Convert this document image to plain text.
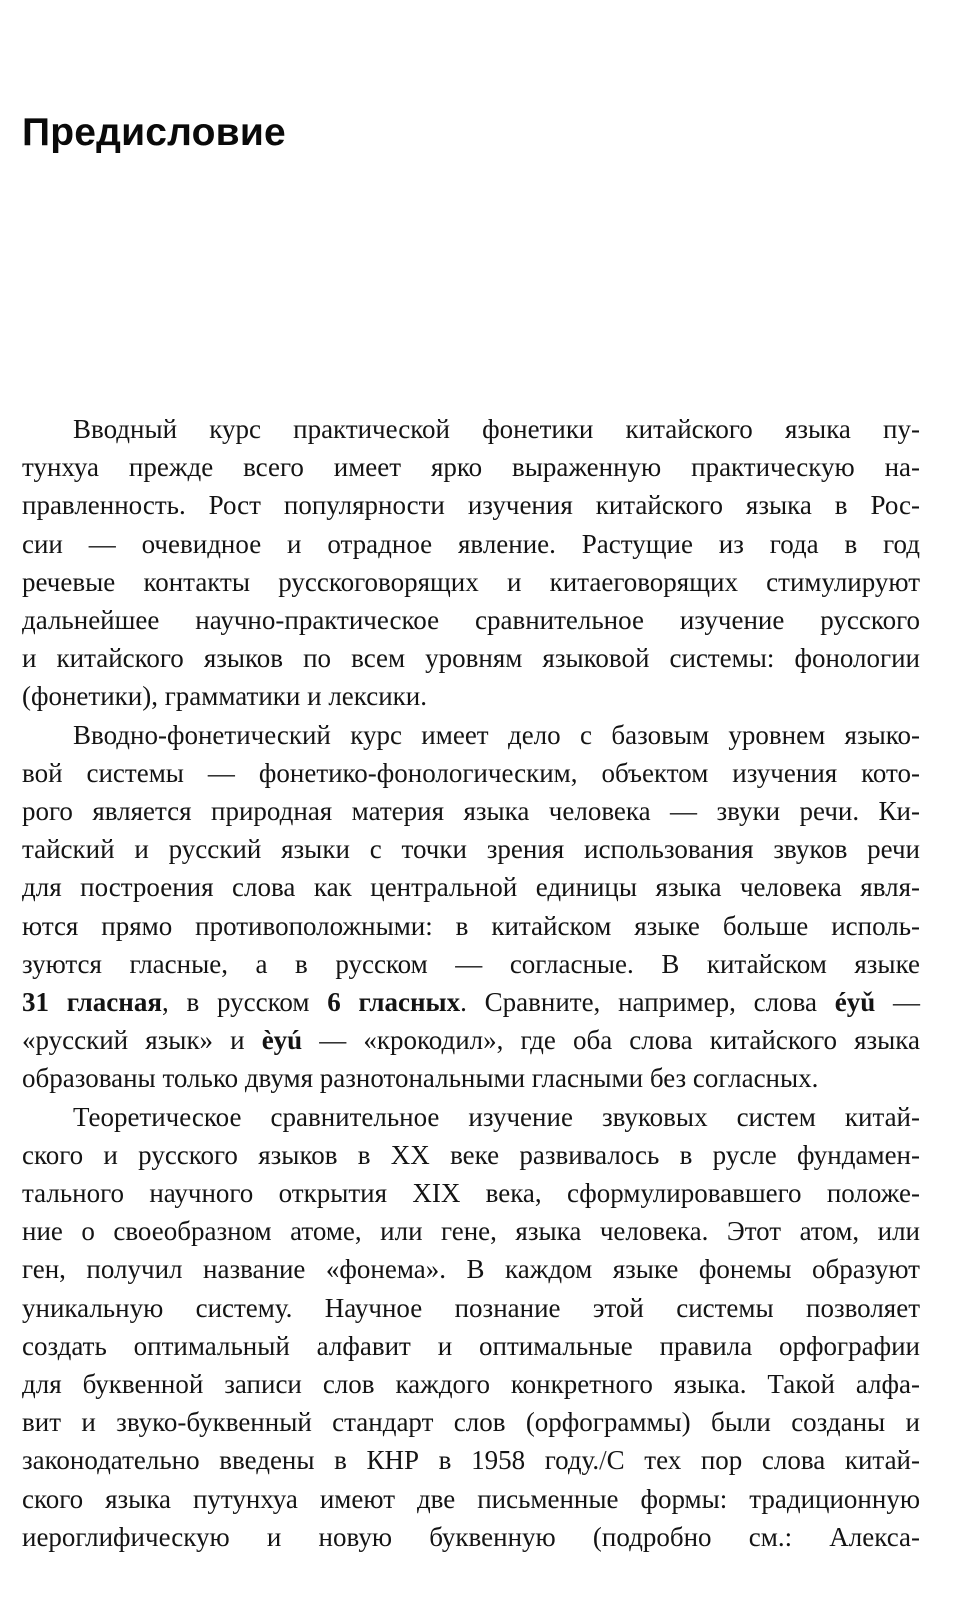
Предисловие

Вводный курс практической фонетики китайского языка пу-
тунхуа прежде всего имеет ярко выраженную практическую на-
правленность. Рост популярности изучения китайского языка в Рос-
сии — очевидное и отрадное явление. Растущие из года в год
речевые контакты русскоговорящих и китаеговорящих стимулируют
дальнейшее научно-практическое сравнительное изучение русского
и китайского языков по всем уровням языковой системы: фонологии
(фонетики), грамматики и лексики.

Вводно-фонетический курс имеет дело с базовым уровнем языко-
вой системы — фонетико-фонологическим, объектом изучения кото-
рого является природная материя языка человека — звуки речи. Ки-
тайский и русский языки с точки зрения использования звуков речи
для построения слова как центральной единицы языка человека явля-
ются прямо противоположными: в китайском языке больше исполь-
зуются гласные, а в русском — согласные. В китайском языке
31 гласная, в русском 6 гласных. Сравните, например, слова éyǔ —
«русский язык» и èyú — «крокодил», где оба слова китайского языка
образованы только двумя разнотональными гласными без согласных.

Теоретическое сравнительное изучение звуковых систем китай-
ского и русского языков в XX веке развивалось в русле фундамен-
тального научного открытия XIX века, сформулировавшего положе-
ние о своеобразном атоме, или гене, языка человека. Этот атом, или
ген, получил название «фонема». В каждом языке фонемы образуют
уникальную систему. Научное познание этой системы позволяет
создать оптимальный алфавит и оптимальные правила орфографии
для буквенной записи слов каждого конкретного языка. Такой алфа-
вит и звуко-буквенный стандарт слов (орфограммы) были созданы и
законодательно введены в КНР в 1958 году./С тех пор слова китай-
ского языка путунхуа имеют две письменные формы: традиционную
иероглифическую и новую буквенную (подробно см.: Алекса-
